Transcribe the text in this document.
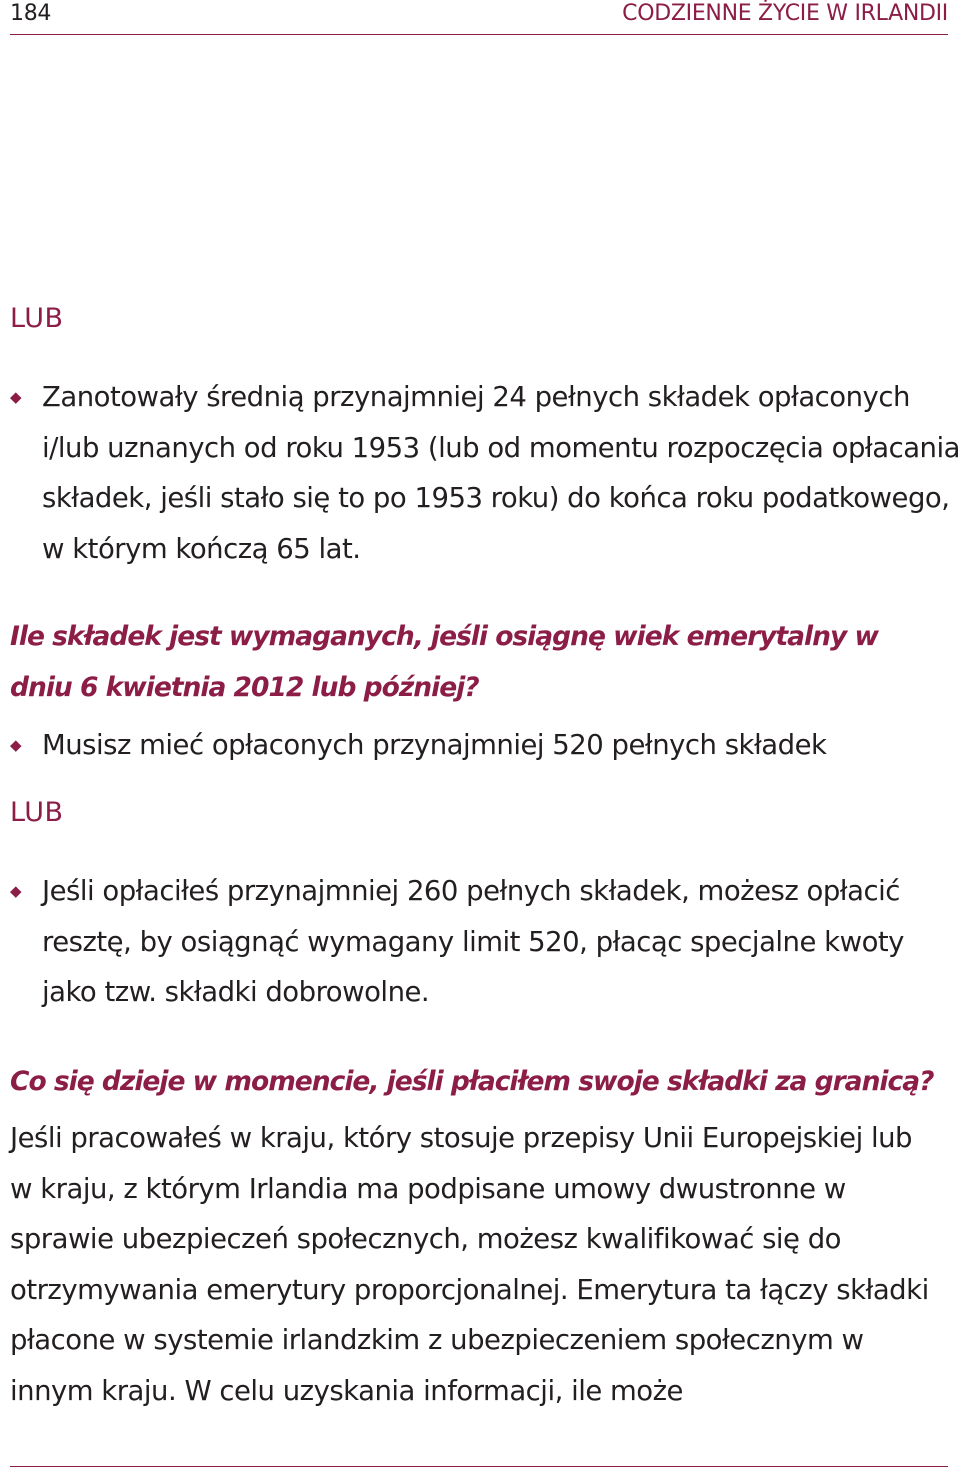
184	CODZIENNE ŻYCIE W IRLANDII

LUB

◆ Zanotowały średnią przynajmniej 24 pełnych składek opłaconych i/lub uznanych od roku 1953 (lub od momentu rozpoczęcia opłacania składek, jeśli stało się to po 1953 roku) do końca roku podatkowego, w którym kończą 65 lat.

Ile składek jest wymaganych, jeśli osiągnę wiek emerytalny w dniu 6 kwietnia 2012 lub później?

◆ Musisz mieć opłaconych przynajmniej 520 pełnych składek

LUB

◆ Jeśli opłaciłeś przynajmniej 260 pełnych składek, możesz opłacić resztę, by osiągnąć wymagany limit 520, płacąc specjalne kwoty jako tzw. składki dobrowolne.

Co się dzieje w momencie, jeśli płaciłem swoje składki za granicą?

Jeśli pracowałeś w kraju, który stosuje przepisy Unii Europejskiej lub w kraju, z którym Irlandia ma podpisane umowy dwustronne w sprawie ubezpieczeń społecznych, możesz kwalifikować się do otrzymywania emerytury proporcjonalnej. Emerytura ta łączy składki płacone w systemie irlandzkim z ubezpieczeniem społecznym w innym kraju. W celu uzyskania informacji, ile może
